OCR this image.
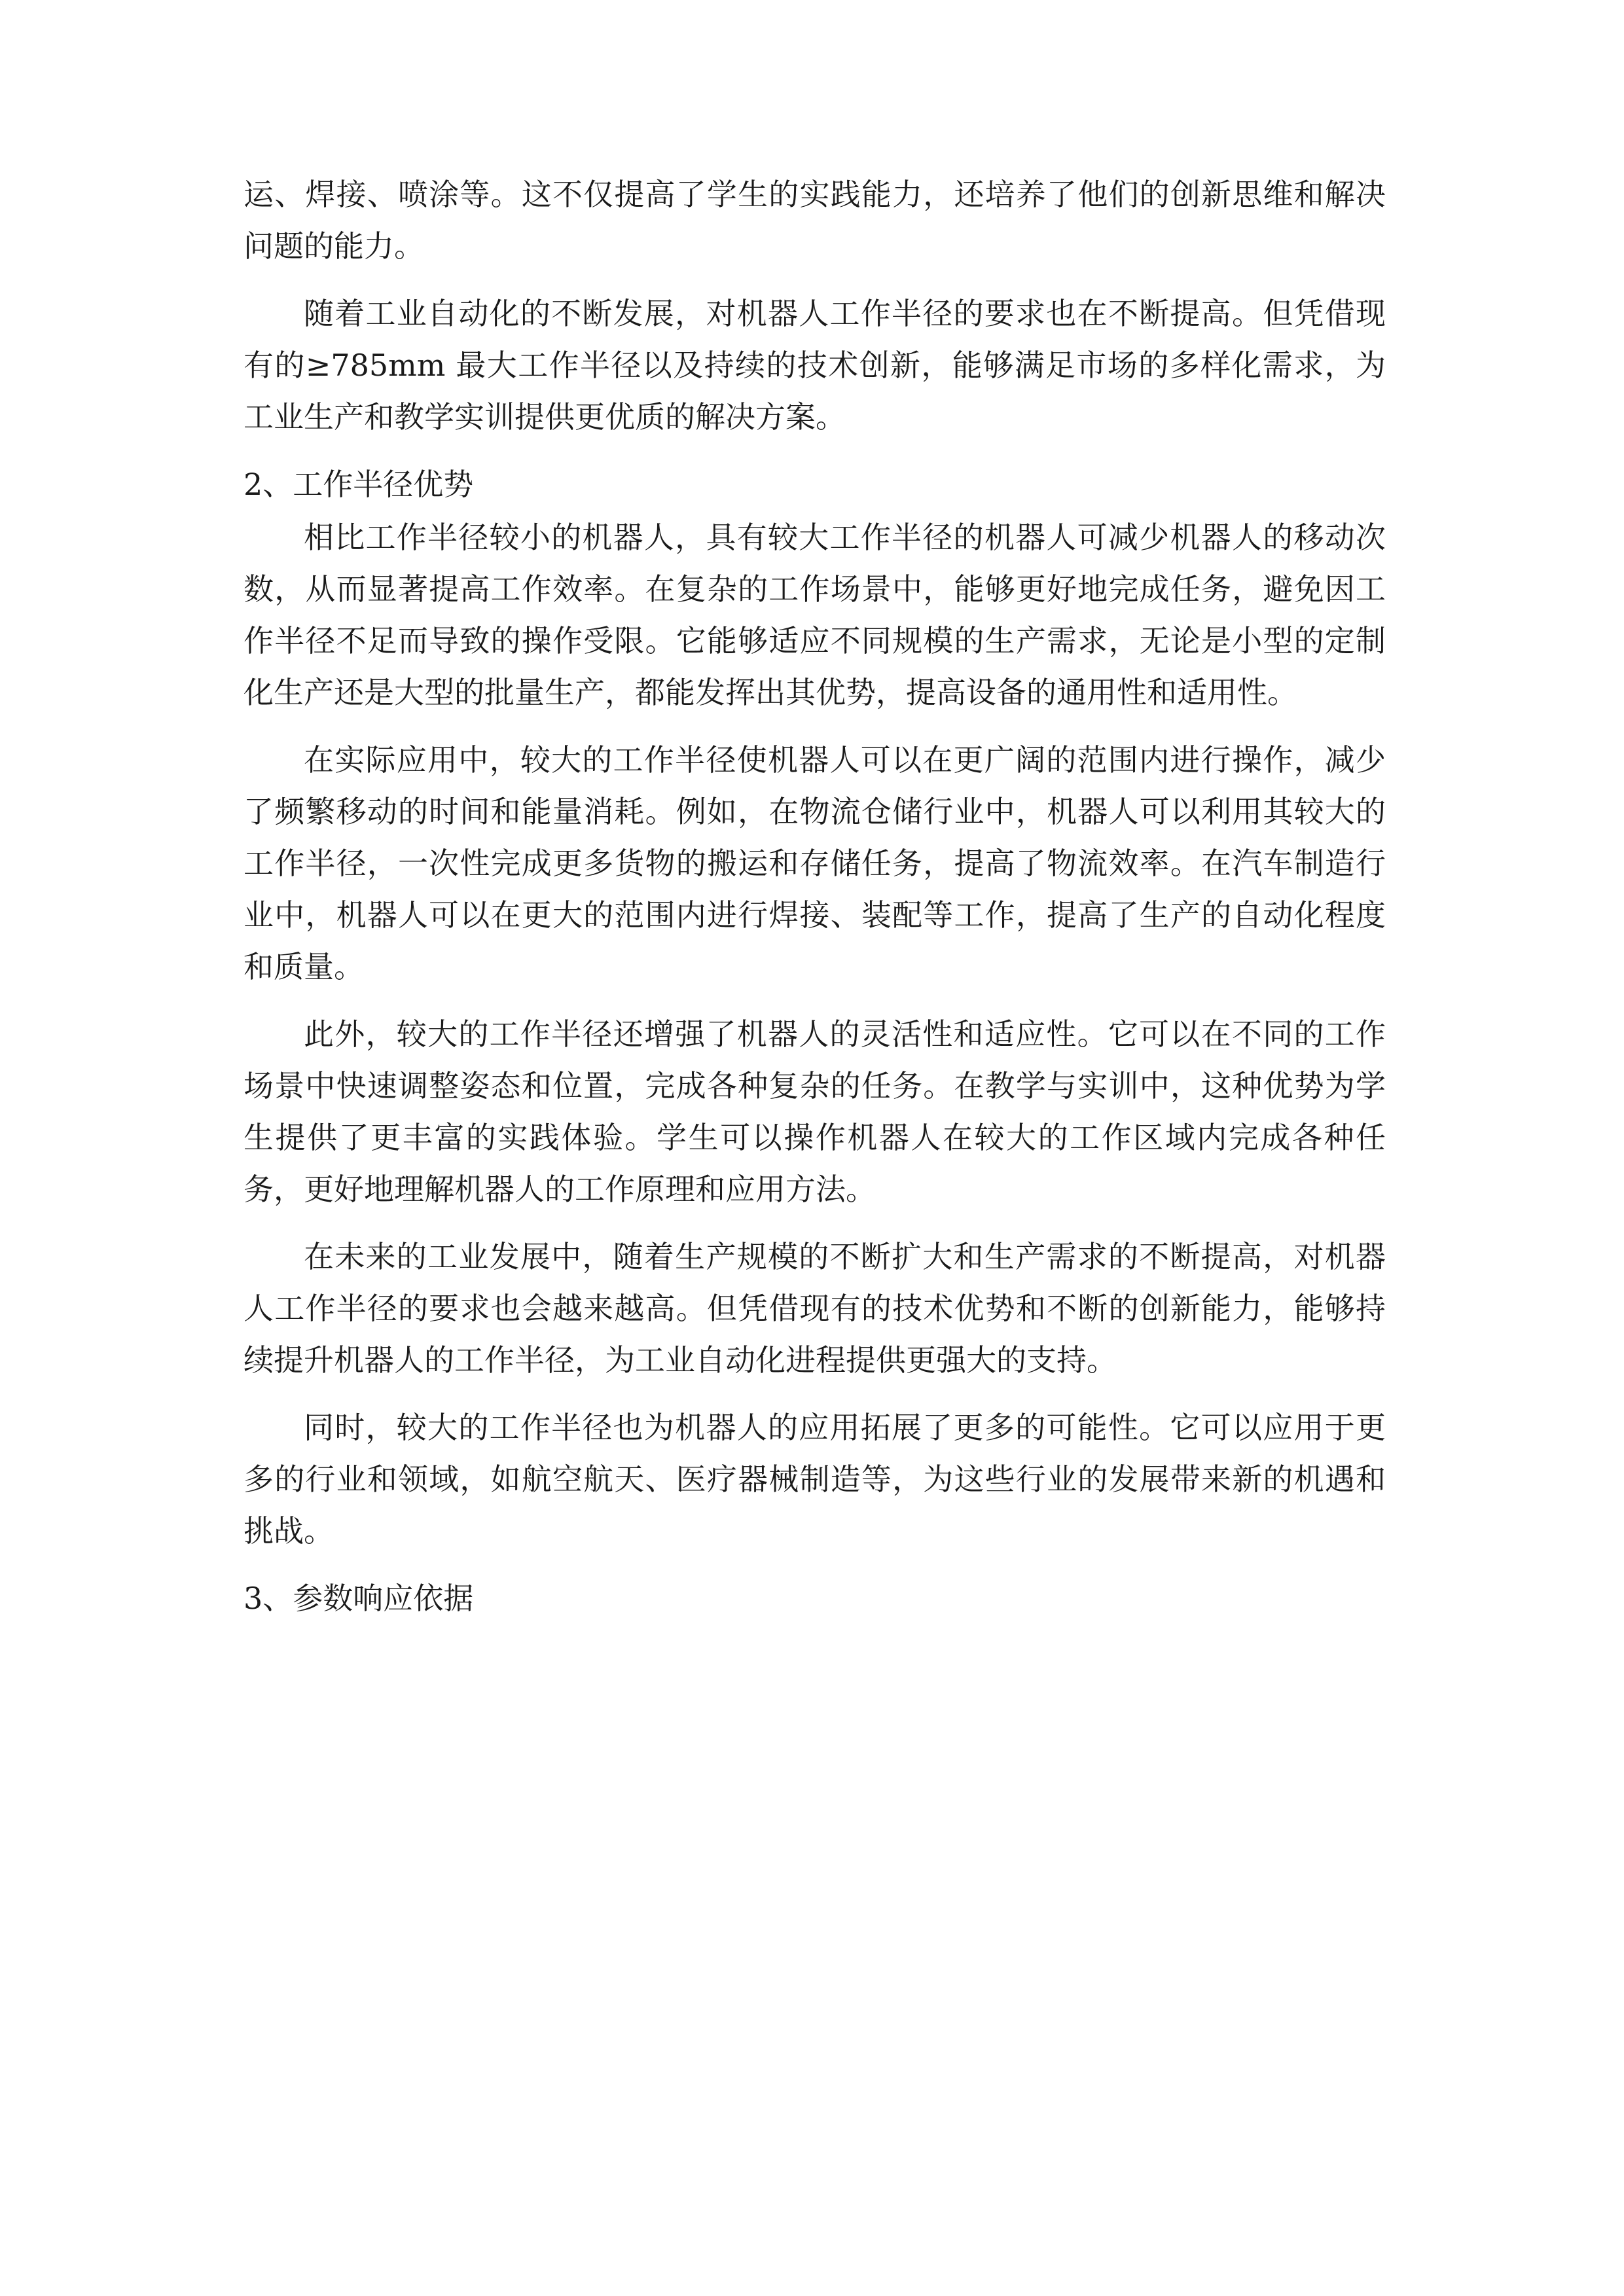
运、焊接、喷涂等。这不仅提高了学生的实践能力，还培养了他们的创新思维和解决问题的能力。

随着工业自动化的不断发展，对机器人工作半径的要求也在不断提高。但凭借现有的≥785mm 最大工作半径以及持续的技术创新，能够满足市场的多样化需求，为工业生产和教学实训提供更优质的解决方案。

2、工作半径优势

相比工作半径较小的机器人，具有较大工作半径的机器人可减少机器人的移动次数，从而显著提高工作效率。在复杂的工作场景中，能够更好地完成任务，避免因工作半径不足而导致的操作受限。它能够适应不同规模的生产需求，无论是小型的定制化生产还是大型的批量生产，都能发挥出其优势，提高设备的通用性和适用性。

在实际应用中，较大的工作半径使机器人可以在更广阔的范围内进行操作，减少了频繁移动的时间和能量消耗。例如，在物流仓储行业中，机器人可以利用其较大的工作半径，一次性完成更多货物的搬运和存储任务，提高了物流效率。在汽车制造行业中，机器人可以在更大的范围内进行焊接、装配等工作，提高了生产的自动化程度和质量。

此外，较大的工作半径还增强了机器人的灵活性和适应性。它可以在不同的工作场景中快速调整姿态和位置，完成各种复杂的任务。在教学与实训中，这种优势为学生提供了更丰富的实践体验。学生可以操作机器人在较大的工作区域内完成各种任务，更好地理解机器人的工作原理和应用方法。

在未来的工业发展中，随着生产规模的不断扩大和生产需求的不断提高，对机器人工作半径的要求也会越来越高。但凭借现有的技术优势和不断的创新能力，能够持续提升机器人的工作半径，为工业自动化进程提供更强大的支持。

同时，较大的工作半径也为机器人的应用拓展了更多的可能性。它可以应用于更多的行业和领域，如航空航天、医疗器械制造等，为这些行业的发展带来新的机遇和挑战。

3、参数响应依据
